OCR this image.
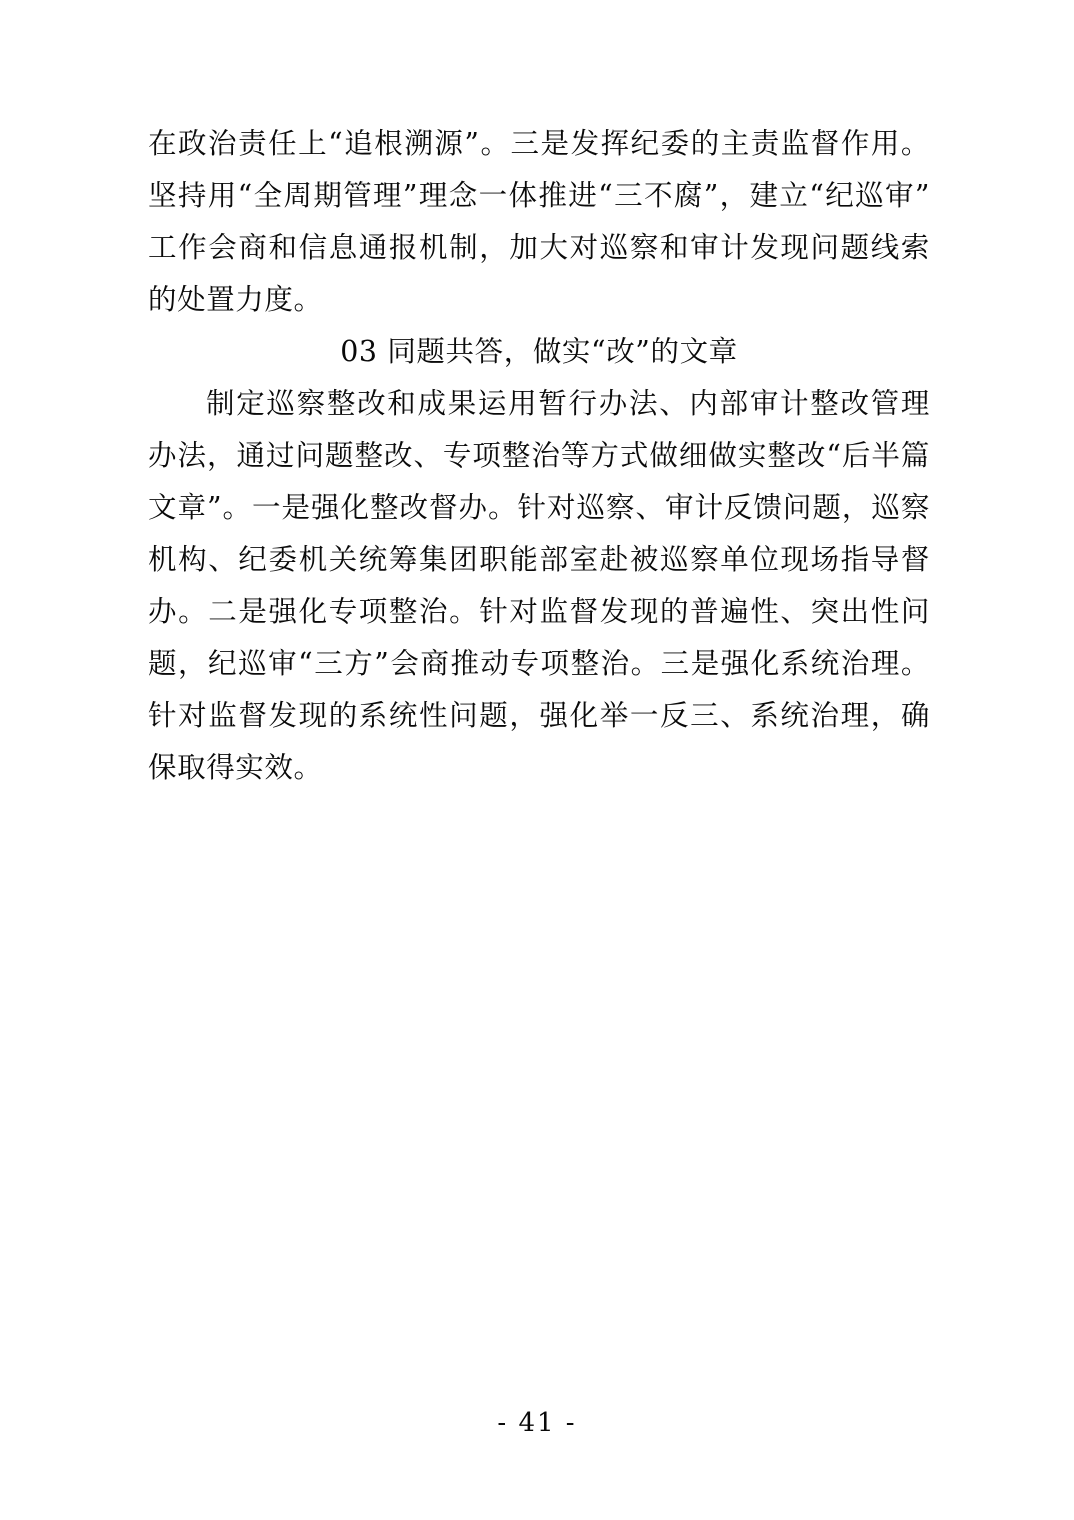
在政治责任上“追根溯源”。三是发挥纪委的主责监督作用。坚持用“全周期管理”理念一体推进“三不腐”，建立“纪巡审”工作会商和信息通报机制，加大对巡察和审计发现问题线索的处置力度。

03 同题共答，做实“改”的文章

制定巡察整改和成果运用暂行办法、内部审计整改管理办法，通过问题整改、专项整治等方式做细做实整改“后半篇文章”。一是强化整改督办。针对巡察、审计反馈问题，巡察机构、纪委机关统筹集团职能部室赴被巡察单位现场指导督办。二是强化专项整治。针对监督发现的普遍性、突出性问题，纪巡审“三方”会商推动专项整治。三是强化系统治理。针对监督发现的系统性问题，强化举一反三、系统治理，确保取得实效。

- 41 -
